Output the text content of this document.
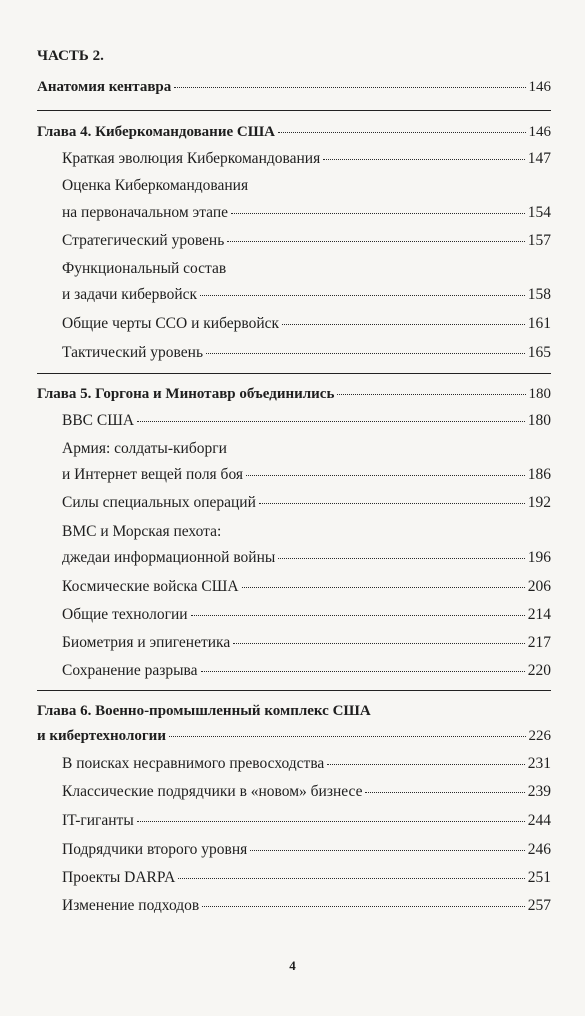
ЧАСТЬ 2.
Анатомия кентавра	146
Глава 4. Киберкомандование США	146
Краткая эволюция Киберкомандования	147
Оценка Киберкомандования
на первоначальном этапе	154
Стратегический уровень	157
Функциональный состав
и задачи кибервойск	158
Общие черты ССО и кибервойск	161
Тактический уровень	165
Глава 5. Горгона и Минотавр объединились	180
ВВС США	180
Армия: солдаты-киборги
и Интернет вещей поля боя	186
Силы специальных операций	192
ВМС и Морская пехота:
джедаи информационной войны	196
Космические войска США	206
Общие технологии	214
Биометрия и эпигенетика	217
Сохранение разрыва	220
Глава 6. Военно-промышленный комплекс США
и кибертехнологии	226
В поисках несравнимого превосходства	231
Классические подрядчики в «новом» бизнесе	239
IT-гиганты	244
Подрядчики второго уровня	246
Проекты DARPA	251
Изменение подходов	257
4
